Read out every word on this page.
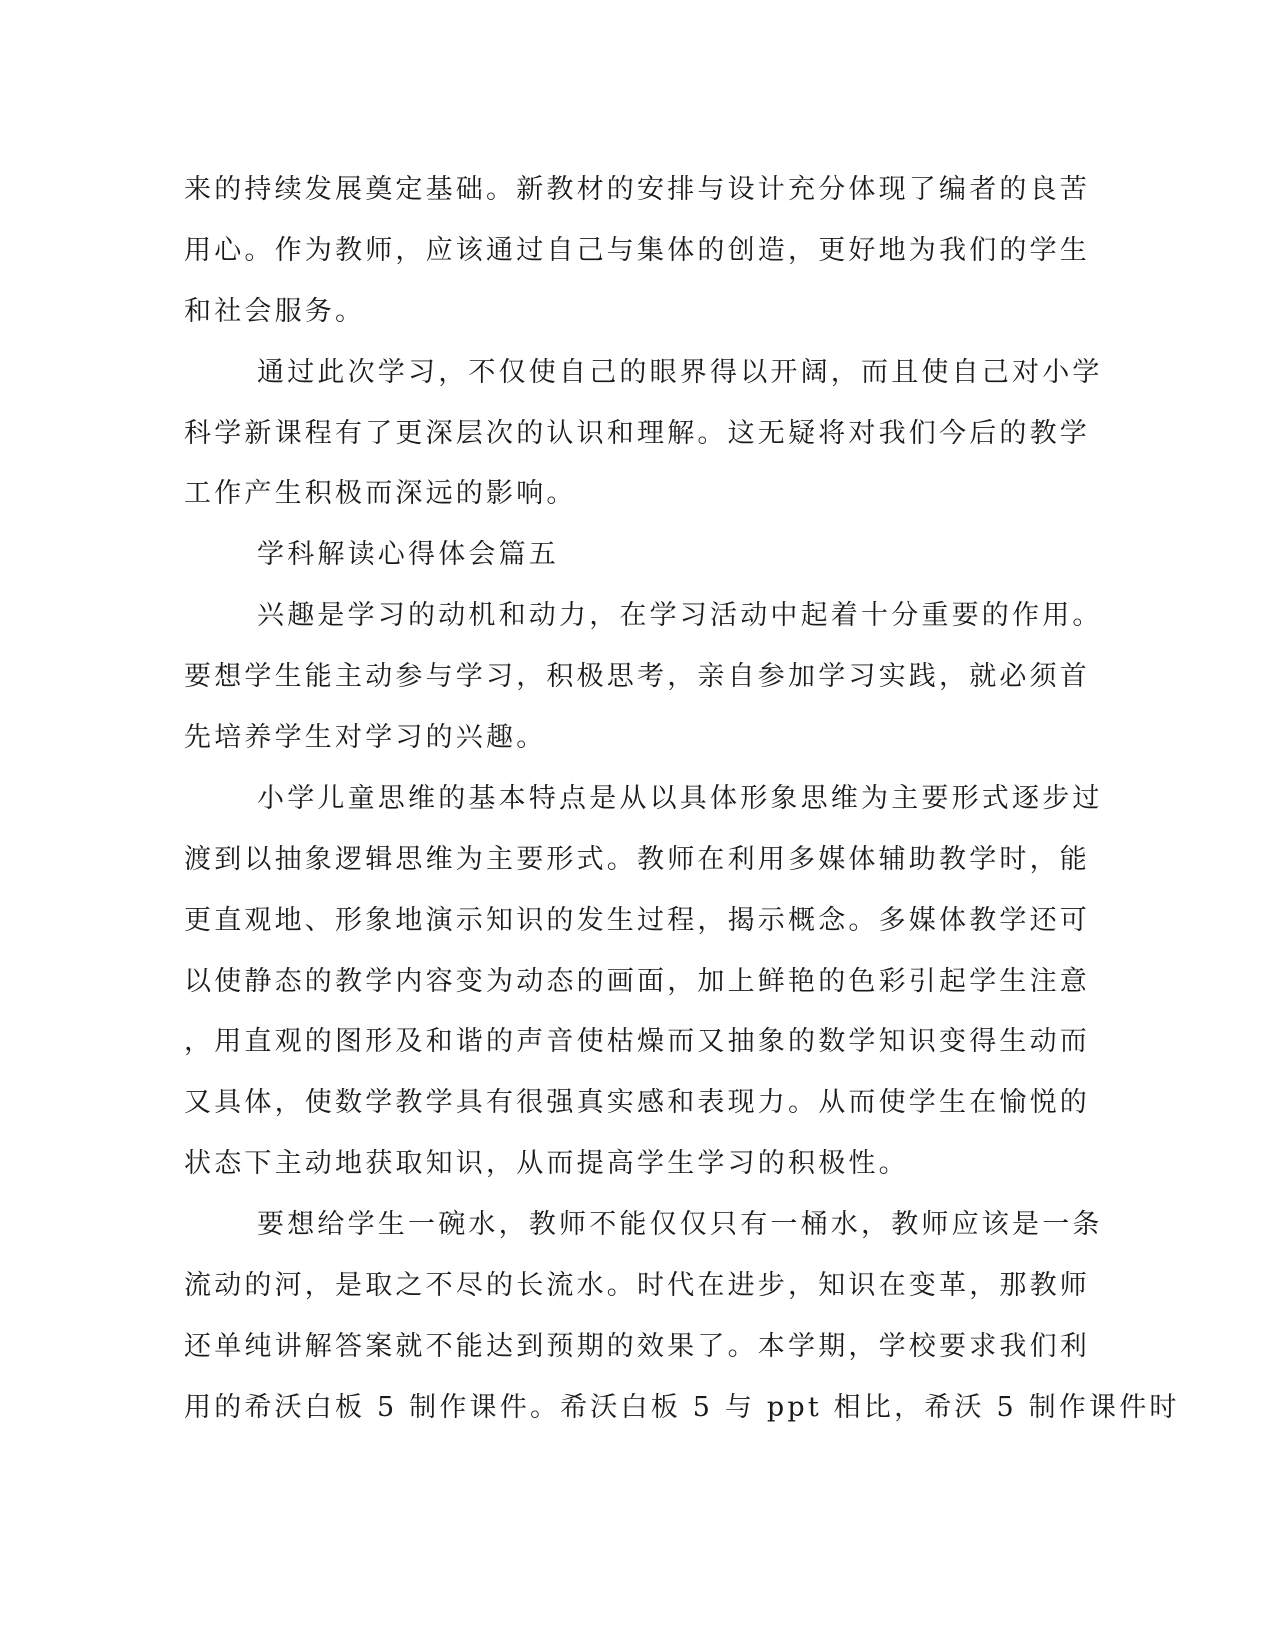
来的持续发展奠定基础。新教材的安排与设计充分体现了编者的良苦
用心。作为教师，应该通过自己与集体的创造，更好地为我们的学生
和社会服务。
通过此次学习，不仅使自己的眼界得以开阔，而且使自己对小学
科学新课程有了更深层次的认识和理解。这无疑将对我们今后的教学
工作产生积极而深远的影响。
学科解读心得体会篇五
兴趣是学习的动机和动力，在学习活动中起着十分重要的作用。
要想学生能主动参与学习，积极思考，亲自参加学习实践，就必须首
先培养学生对学习的兴趣。
小学儿童思维的基本特点是从以具体形象思维为主要形式逐步过
渡到以抽象逻辑思维为主要形式。教师在利用多媒体辅助教学时，能
更直观地、形象地演示知识的发生过程，揭示概念。多媒体教学还可
以使静态的教学内容变为动态的画面，加上鲜艳的色彩引起学生注意
，用直观的图形及和谐的声音使枯燥而又抽象的数学知识变得生动而
又具体，使数学教学具有很强真实感和表现力。从而使学生在愉悦的
状态下主动地获取知识，从而提高学生学习的积极性。
要想给学生一碗水，教师不能仅仅只有一桶水，教师应该是一条
流动的河，是取之不尽的长流水。时代在进步，知识在变革，那教师
还单纯讲解答案就不能达到预期的效果了。本学期，学校要求我们利
用的希沃白板 5 制作课件。希沃白板 5 与 ppt 相比，希沃 5 制作课件时
